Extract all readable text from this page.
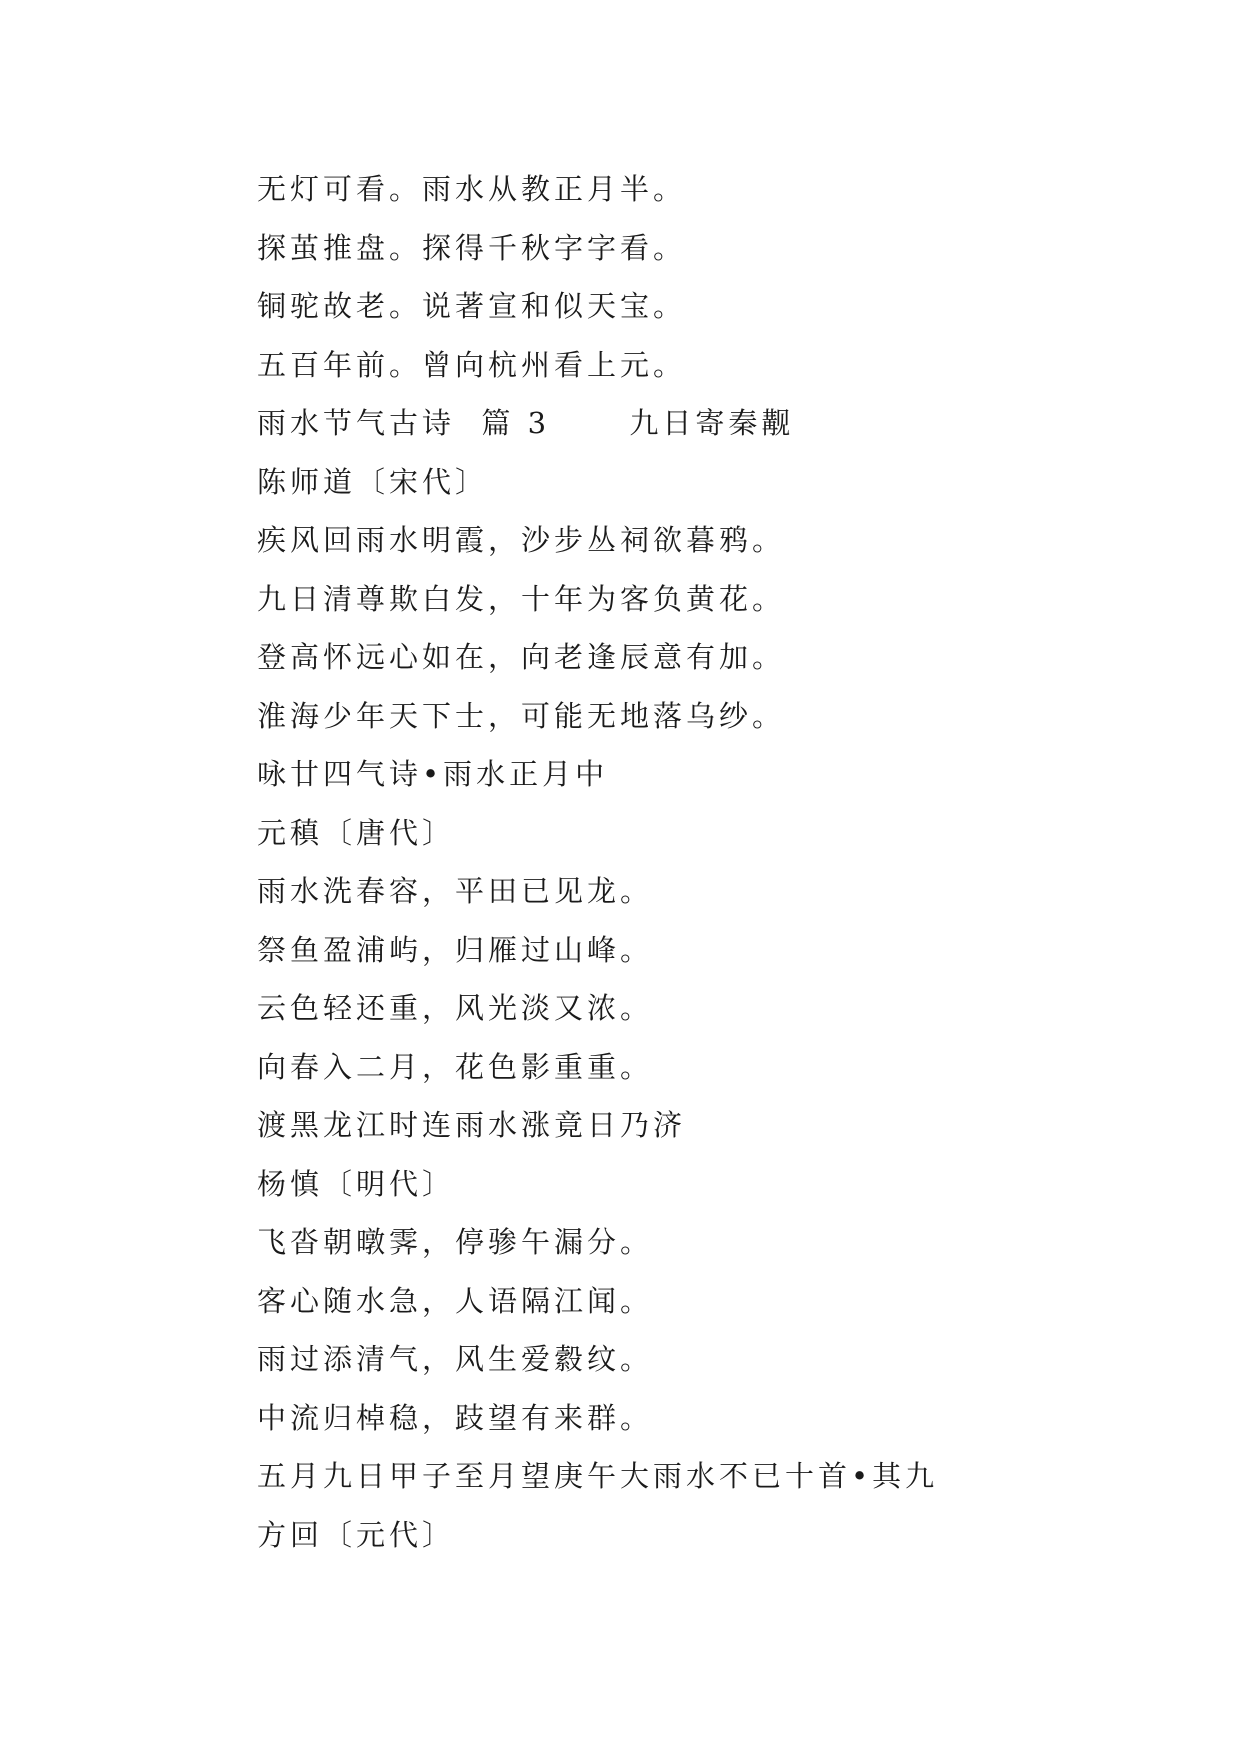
无灯可看。雨水从教正月半。
探茧推盘。探得千秋字字看。
铜驼故老。说著宣和似天宝。
五百年前。曾向杭州看上元。
雨水节气古诗  篇 3      九日寄秦觏
陈师道〔宋代〕
疾风回雨水明霞，沙步丛祠欲暮鸦。
九日清尊欺白发，十年为客负黄花。
登高怀远心如在，向老逢辰意有加。
淮海少年天下士，可能无地落乌纱。
咏廿四气诗•雨水正月中
元稹〔唐代〕
雨水洗春容，平田已见龙。
祭鱼盈浦屿，归雁过山峰。
云色轻还重，风光淡又浓。
向春入二月，花色影重重。
渡黑龙江时连雨水涨竟日乃济
杨慎〔明代〕
飞沓朝暾霁，停骖午漏分。
客心随水急，人语隔江闻。
雨过添清气，风生爱縠纹。
中流归棹稳，跂望有来群。
五月九日甲子至月望庚午大雨水不已十首•其九
方回〔元代〕
